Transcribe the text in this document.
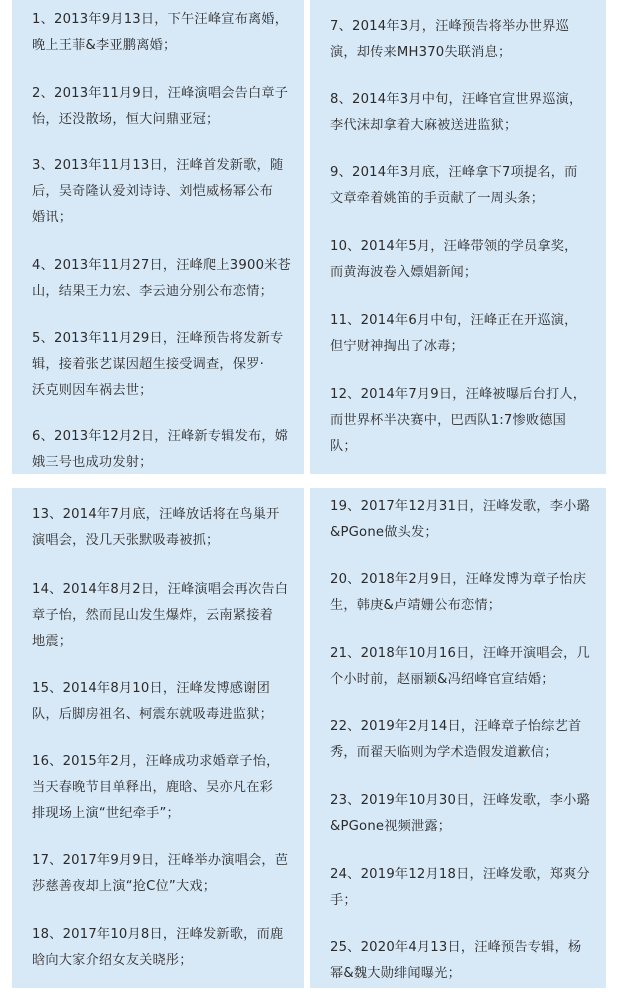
1、2013年9月13日，下午汪峰宣布离婚，
晚上王菲&李亚鹏离婚；

2、2013年11月9日，汪峰演唱会告白章子
怡，还没散场，恒大问鼎亚冠；

3、2013年11月13日，汪峰首发新歌，随
后，吴奇隆认爱刘诗诗、刘恺威杨幂公布
婚讯；

4、2013年11月27日，汪峰爬上3900米苍
山，结果王力宏、李云迪分别公布恋情；

5、2013年11月29日，汪峰预告将发新专
辑，接着张艺谋因超生接受调查，保罗·
沃克则因车祸去世；

6、2013年12月2日，汪峰新专辑发布，嫦
娥三号也成功发射；

7、2014年3月，汪峰预告将举办世界巡
演，却传来MH370失联消息；

8、2014年3月中旬，汪峰官宣世界巡演，
李代沫却拿着大麻被送进监狱；

9、2014年3月底，汪峰拿下7项提名，而
文章牵着姚笛的手贡献了一周头条；

10、2014年5月，汪峰带领的学员拿奖，
而黄海波卷入嫖娼新闻；

11、2014年6月中旬，汪峰正在开巡演，
但宁财神掏出了冰毒；

12、2014年7月9日，汪峰被曝后台打人，
而世界杯半决赛中，巴西队1:7惨败德国
队；

13、2014年7月底，汪峰放话将在鸟巢开
演唱会，没几天张默吸毒被抓；

14、2014年8月2日，汪峰演唱会再次告白
章子怡，然而昆山发生爆炸，云南紧接着
地震；

15、2014年8月10日，汪峰发博感谢团
队，后脚房祖名、柯震东就吸毒进监狱；

16、2015年2月，汪峰成功求婚章子怡，
当天春晚节目单释出，鹿晗、吴亦凡在彩
排现场上演“世纪牵手”；

17、2017年9月9日，汪峰举办演唱会，芭
莎慈善夜却上演“抢C位”大戏；

18、2017年10月8日，汪峰发新歌，而鹿
晗向大家介绍女友关晓彤；

19、2017年12月31日，汪峰发歌，李小璐
&PGone做头发；

20、2018年2月9日，汪峰发博为章子怡庆
生，韩庚&卢靖姗公布恋情；

21、2018年10月16日，汪峰开演唱会，几
个小时前，赵丽颖&冯绍峰官宣结婚；

22、2019年2月14日，汪峰章子怡综艺首
秀，而翟天临则为学术造假发道歉信；

23、2019年10月30日，汪峰发歌，李小璐
&PGone视频泄露；

24、2019年12月18日，汪峰发歌，郑爽分
手；

25、2020年4月13日，汪峰预告专辑，杨
幂&魏大勋绯闻曝光；
